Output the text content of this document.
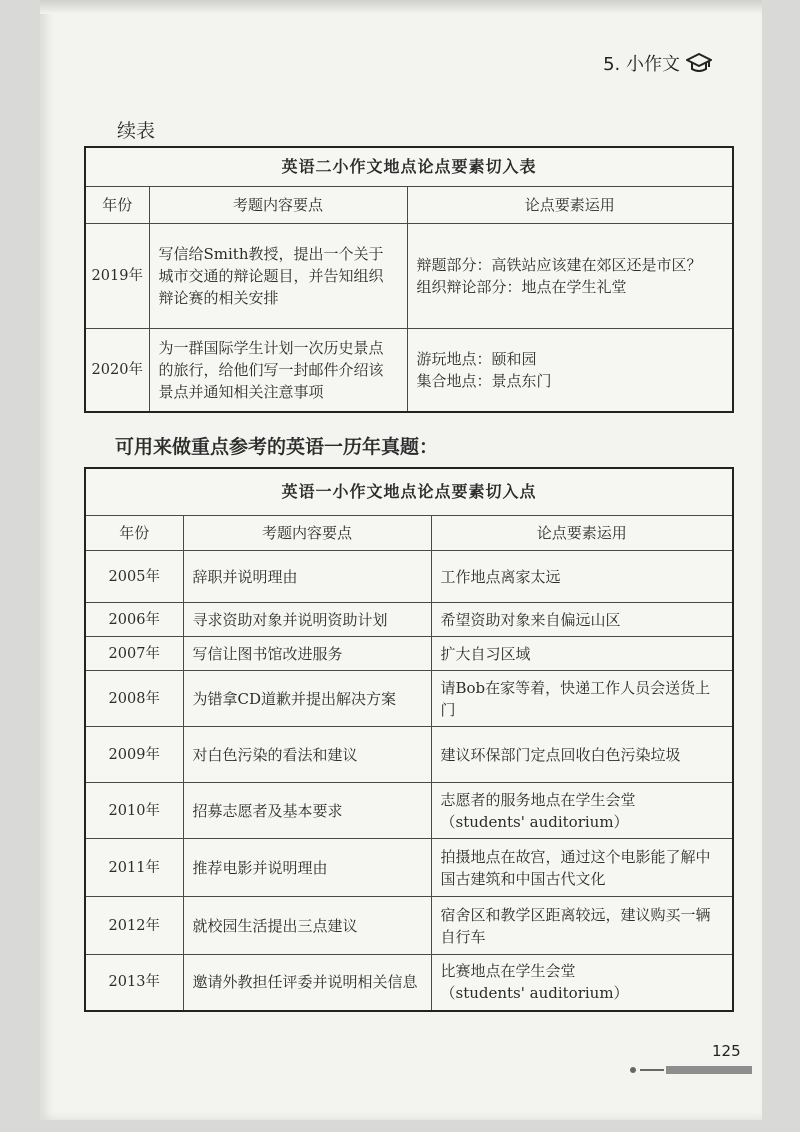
5. 小作文
续表
英语二小作文地点论点要素切入表		
年份	考题内容要点	论点要素运用
2019年	写信给Smith教授，提出一个关于城市交通的辩论题目，并告知组织辩论赛的相关安排	辩题部分：高铁站应该建在郊区还是市区？
组织辩论部分：地点在学生礼堂

2020年	为一群国际学生计划一次历史景点的旅行，给他们写一封邮件介绍该景点并通知相关注意事项	游玩地点：颐和园
集合地点：景点东门
可用来做重点参考的英语一历年真题：
英语一小作文地点论点要素切入点		
年份	考题内容要点	论点要素运用
2005年	辞职并说明理由	工作地点离家太远

2006年	寻求资助对象并说明资助计划	希望资助对象来自偏远山区

2007年	写信让图书馆改进服务	扩大自习区域

2008年	为错拿CD道歉并提出解决方案	请Bob在家等着，快递工作人员会送货上门

2009年	对白色污染的看法和建议	建议环保部门定点回收白色污染垃圾

2010年	招募志愿者及基本要求	志愿者的服务地点在学生会堂
（students' auditorium）

2011年	推荐电影并说明理由	拍摄地点在故宫，通过这个电影能了解中国古建筑和中国古代文化

2012年	就校园生活提出三点建议	宿舍区和教学区距离较远，建议购买一辆自行车

2013年	邀请外教担任评委并说明相关信息	比赛地点在学生会堂
（students' auditorium）
125
